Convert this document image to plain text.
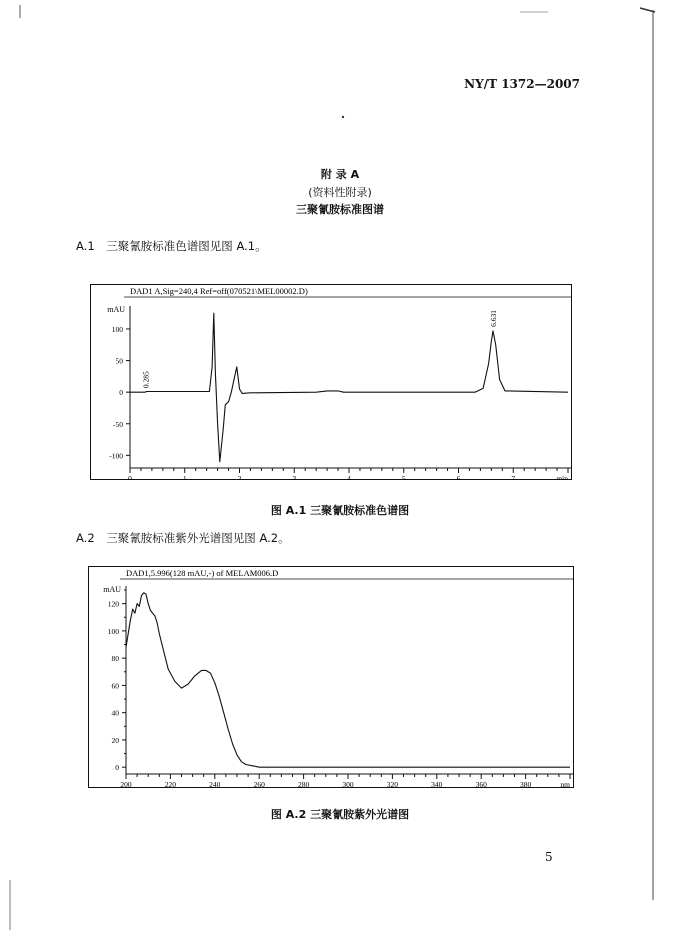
NY/T 1372—2007
附 录 A
(资料性附录)
三聚氰胺标准图谱
A.1 三聚氰胺标准色谱图见图 A.1。
DAD1 A,Sig=240,4 Ref=off(070521\MEL00002.D)
mAU
-100
-50
0
50
100
0	1	2	3	4	5	6	7	min
0.285
6.631
图 A.1 三聚氰胺标准色谱图
A.2 三聚氰胺标准紫外光谱图见图 A.2。
DAD1,5.996(128 mAU,-) of MELAM006.D
mAU
0
20
40
60
80
100
120
200	220	240	260	280	300	320	340	360	380	nm
图 A.2 三聚氰胺紫外光谱图
5
